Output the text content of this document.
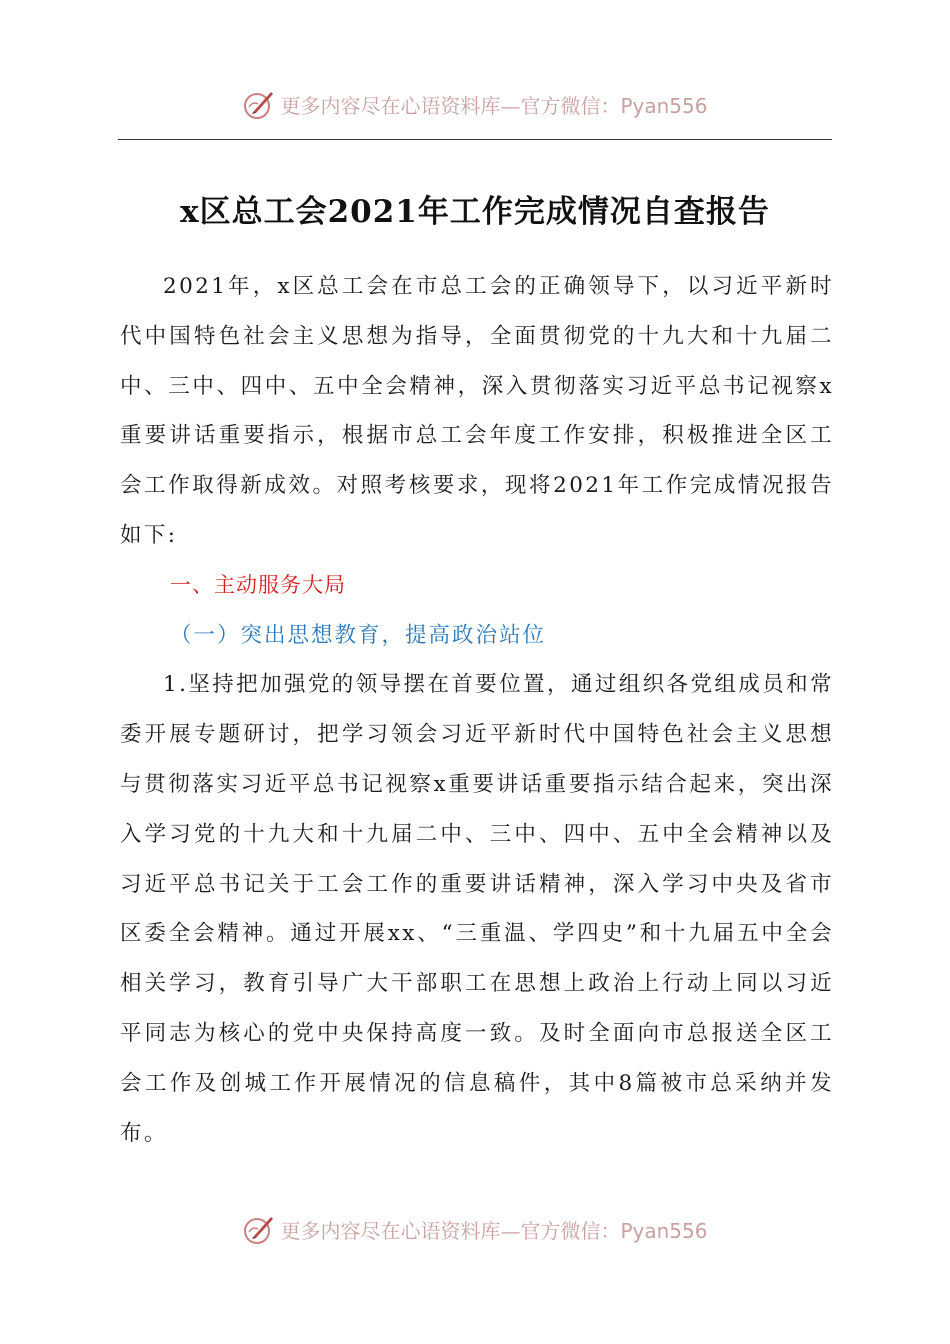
更多内容尽在心语资料库— 官方微信：Pyan556
x区总工会2021年工作完成情况自查报告

2021年，x区总工会在市总工会的正确领导下，以习近平新时代中国特色社会主义思想为指导，全面贯彻党的十九大和十九届二中、三中、四中、五中全会精神，深入贯彻落实习近平总书记视察x重要讲话重要指示，根据市总工会年度工作安排，积极推进全区工会工作取得新成效。对照考核要求，现将2021年工作完成情况报告如下:

一、主动服务大局

（一）突出思想教育，提高政治站位

1.坚持把加强党的领导摆在首要位置，通过组织各党组成员和常委开展专题研讨，把学习领会习近平新时代中国特色社会主义思想与贯彻落实习近平总书记视察x重要讲话重要指示结合起来，突出深入学习党的十九大和十九届二中、三中、四中、五中全会精神以及习近平总书记关于工会工作的重要讲话精神，深入学习中央及省市区委全会精神。通过开展xx、“三重温、学四史”和十九届五中全会相关学习，教育引导广大干部职工在思想上政治上行动上同以习近平同志为核心的党中央保持高度一致。及时全面向市总报送全区工会工作及创城工作开展情况的信息稿件，其中8篇被市总采纳并发布。

更多内容尽在心语资料库— 官方微信：Pyan556
